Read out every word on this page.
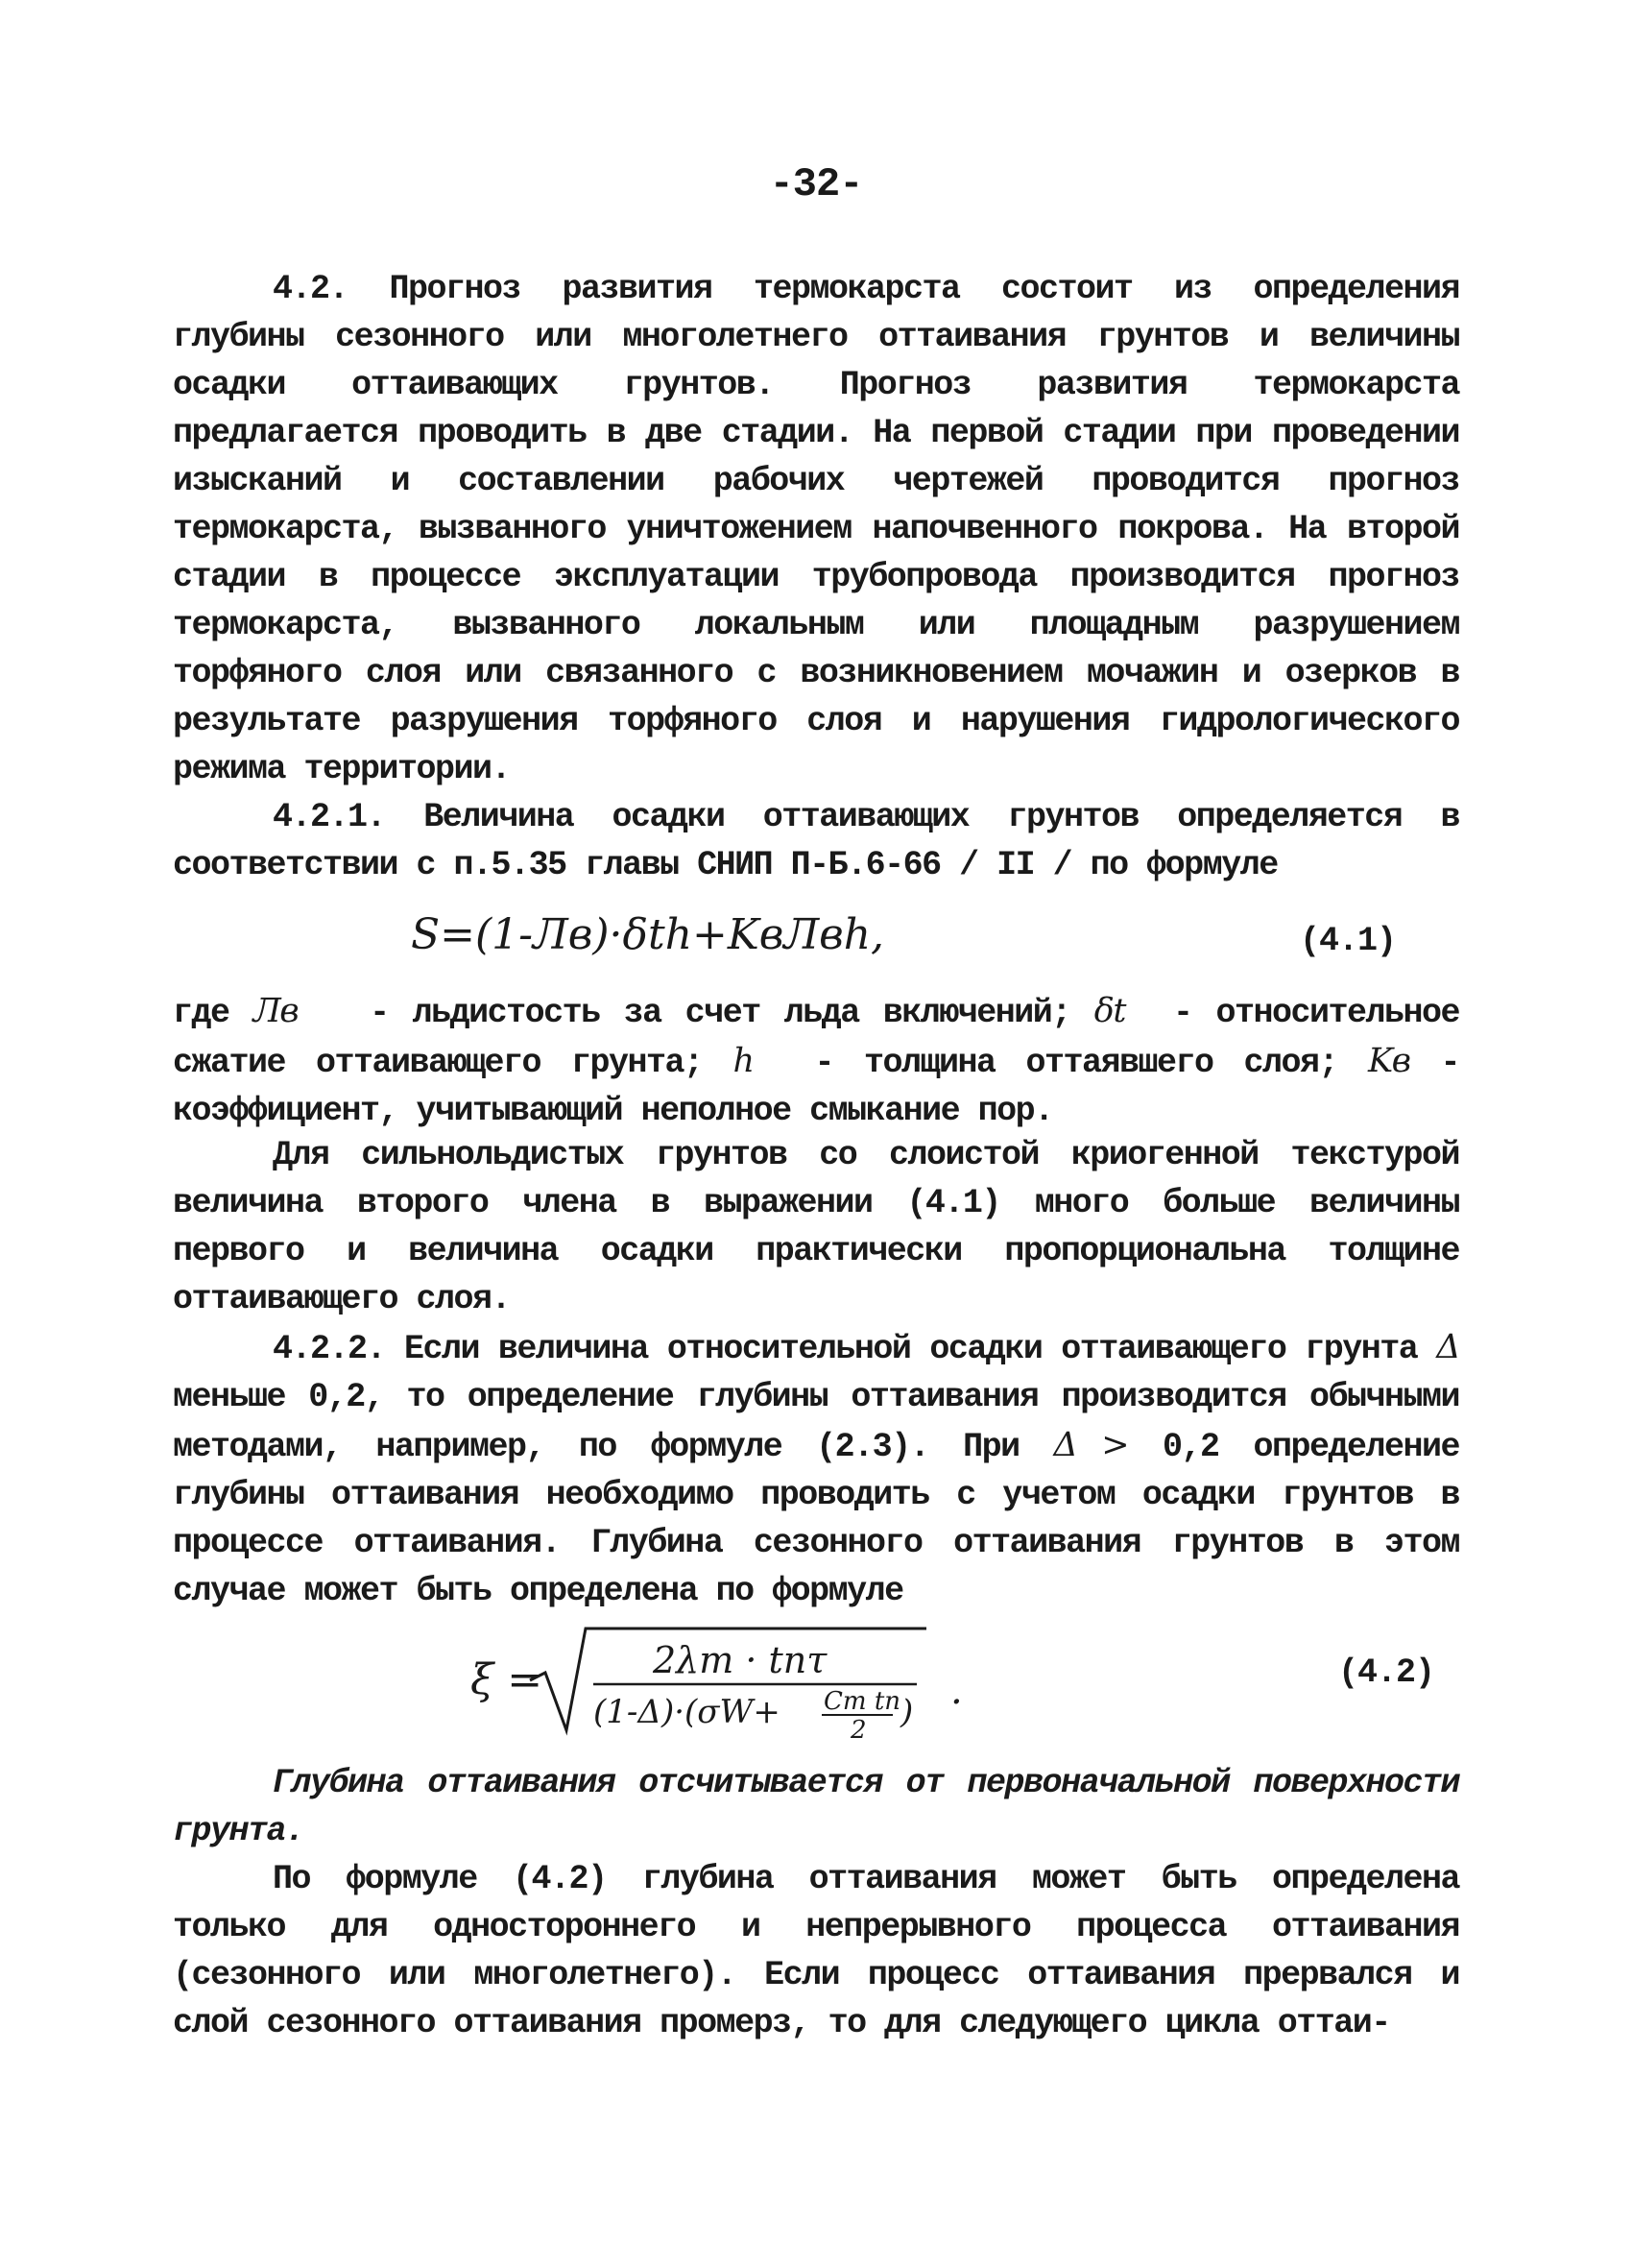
-32-

4.2. Прогноз развития термокарста состоит из определения глубины сезонного или многолетнего оттаивания грунтов и величины осадки оттаивающих грунтов. Прогноз развития термокарста предлагается проводить в две стадии. На первой стадии при проведении изысканий и составлении рабочих чертежей проводится прогноз термокарста, вызванного уничтожением напочвенного покрова. На второй стадии в процессе эксплуатации трубопровода производится прогноз термокарста, вызванного локальным или площадным разрушением торфяного слоя или связанного с возникновением мочажин и озерков в результате разрушения торфяного слоя и нарушения гидрологического режима территории.

4.2.1. Величина осадки оттаивающих грунтов определяется в соответствии с п.5.35 главы СНИП П-Б.6-66 / II / по формуле

S=(1-Лв)·δth+KвЛвh,	(4.1)

где Лв - льдистость за счет льда включений; δt - относительное сжатие оттаивающего грунта; h - толщина оттаявшего слоя; Kв - коэффициент, учитывающий неполное смыкание пор.

Для сильнольдистых грунтов со слоистой криогенной текстурой величина второго члена в выражении (4.1) много больше величины первого и величина осадки практически пропорциональна толщине оттаивающего слоя.

4.2.2. Если величина относительной осадки оттаивающего грунта Δ меньше 0,2, то определение глубины оттаивания производится обычными методами, например, по формуле (2.3). При Δ > 0,2 определение глубины оттаивания необходимо проводить с учетом осадки грунтов в процессе оттаивания. Глубина сезонного оттаивания грунтов в этом случае может быть определена по формуле

ξ =	2λт · tпτ
(1-Δ)·(σW+ Cт tп
2 ) .	(4.2)

Глубина оттаивания отсчитывается от первоначальной поверхности грунта.

По формуле (4.2) глубина оттаивания может быть определена только для одностороннего и непрерывного процесса оттаивания (сезонного или многолетнего). Если процесс оттаивания прервался и слой сезонного оттаивания промерз, то для следующего цикла оттаи-
